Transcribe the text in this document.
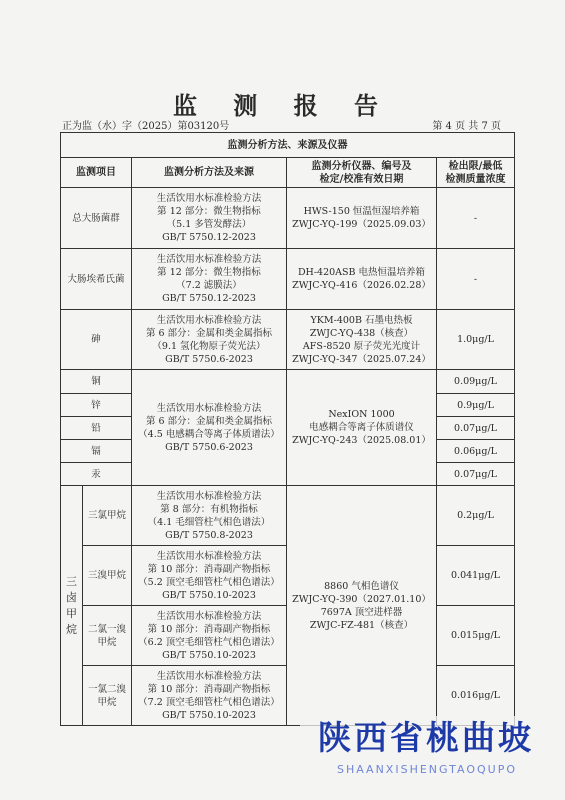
监 测 报 告
正为监（水）字（2025）第03120号	第 4 页 共 7 页
监测分析方法、来源及仪器				
监测项目		监测分析方法及来源	监测分析仪器、编号及
检定/校准有效日期	检出限/最低
检测质量浓度

总大肠菌群		生活饮用水标准检验方法
第 12 部分：微生物指标
（5.1 多管发酵法）
GB/T 5750.12-2023	HWS-150 恒温恒湿培养箱
ZWJC-YQ-199（2025.09.03）	-
大肠埃希氏菌		生活饮用水标准检验方法
第 12 部分：微生物指标
（7.2 滤膜法）
GB/T 5750.12-2023	DH-420ASB 电热恒温培养箱
ZWJC-YQ-416（2026.02.28）	-
砷		生活饮用水标准检验方法
第 6 部分：金属和类金属指标
（9.1 氢化物原子荧光法）
GB/T 5750.6-2023	YKM-400B 石墨电热板
ZWJC-YQ-438（核查）
AFS-8520 原子荧光光度计
ZWJC-YQ-347（2025.07.24）	1.0μg/L
铜		生活饮用水标准检验方法
第 6 部分：金属和类金属指标
（4.5 电感耦合等离子体质谱法）
GB/T 5750.6-2023	NexION 1000
电感耦合等离子体质谱仪
ZWJC-YQ-243（2025.08.01）	0.09μg/L
锌				0.9μg/L
铅				0.07μg/L
镉				0.06μg/L
汞				0.07μg/L

三
卤
甲
烷	三氯甲烷	生活饮用水标准检验方法
第 8 部分：有机物指标
（4.1 毛细管柱气相色谱法）
GB/T 5750.8-2023	8860 气相色谱仪
ZWJC-YQ-390（2027.01.10）
7697A 顶空进样器
ZWJC-FZ-481（核查）	0.2μg/L

	三溴甲烷	生活饮用水标准检验方法
第 10 部分：消毒副产物指标
（5.2 顶空毛细管柱气相色谱法）
GB/T 5750.10-2023		0.041μg/L

	二氯一溴
甲烷	生活饮用水标准检验方法
第 10 部分：消毒副产物指标
（6.2 顶空毛细管柱气相色谱法）
GB/T 5750.10-2023		0.015μg/L

	一氯二溴
甲烷	生活饮用水标准检验方法
第 10 部分：消毒副产物指标
（7.2 顶空毛细管柱气相色谱法）
GB/T 5750.10-2023		0.016μg/L
陕西省桃曲坡
SHAANXISHENGTAOQUPO
